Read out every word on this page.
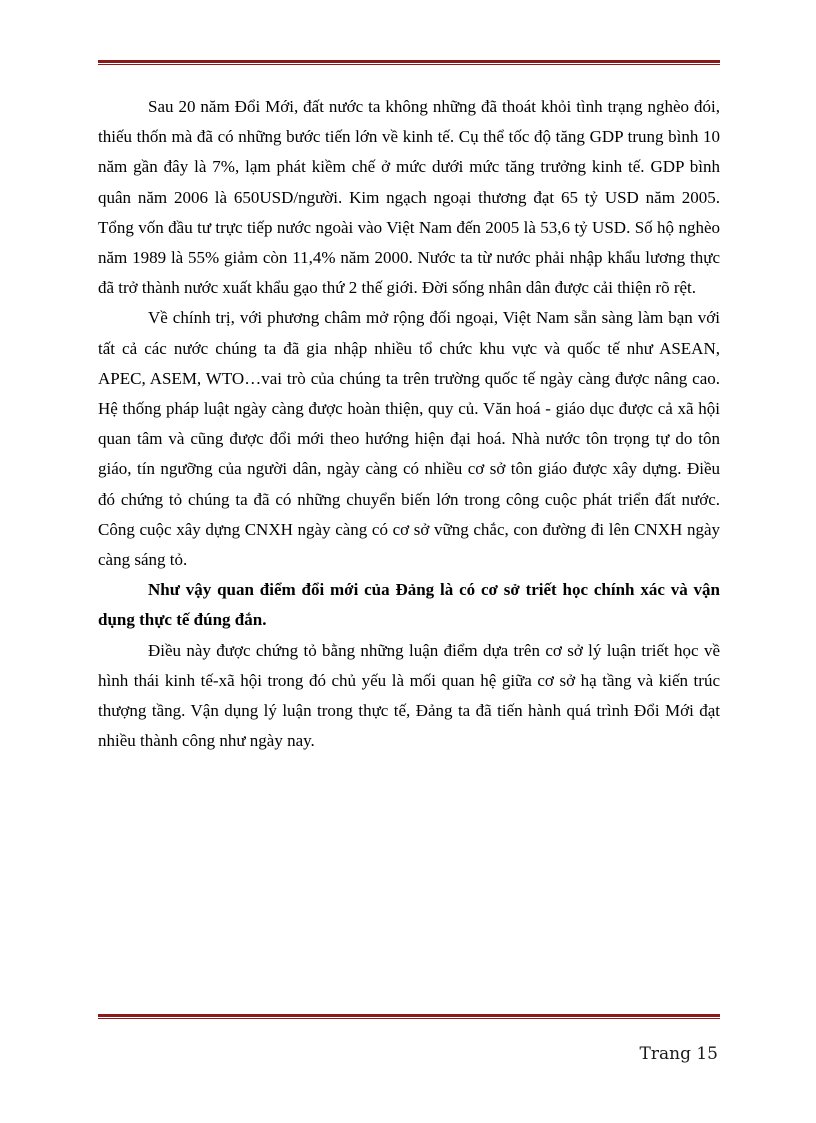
Sau 20 năm Đổi Mới, đất nước ta không những đã thoát khỏi tình trạng nghèo đói, thiếu thốn mà đã có những bước tiến lớn về kinh tế. Cụ thể tốc độ tăng GDP trung bình 10 năm gần đây là 7%, lạm phát kiềm chế ở mức dưới mức tăng trưởng kinh tế. GDP bình quân năm 2006 là 650USD/người. Kim ngạch ngoại thương đạt 65 tỷ USD năm 2005. Tổng vốn đầu tư trực tiếp nước ngoài vào Việt Nam đến 2005 là 53,6 tỷ USD. Số hộ nghèo năm 1989 là 55% giảm còn 11,4% năm 2000. Nước ta từ nước phải nhập khẩu lương thực đã trở thành nước xuất khẩu gạo thứ 2 thế giới. Đời sống nhân dân được cải thiện rõ rệt.

Về chính trị, với phương châm mở rộng đối ngoại, Việt Nam sẵn sàng làm bạn với tất cả các nước chúng ta đã gia nhập nhiều tổ chức khu vực và quốc tế như ASEAN, APEC, ASEM, WTO…vai trò của chúng ta trên trường quốc tế ngày càng được nâng cao. Hệ thống pháp luật ngày càng được hoàn thiện, quy củ. Văn hoá - giáo dục được cả xã hội quan tâm và cũng được đổi mới theo hướng hiện đại hoá. Nhà nước tôn trọng tự do tôn giáo, tín ngưỡng của người dân, ngày càng có nhiều cơ sở tôn giáo được xây dựng. Điều đó chứng tỏ chúng ta đã có những chuyển biến lớn trong công cuộc phát triển đất nước. Công cuộc xây dựng CNXH ngày càng có cơ sở vững chắc, con đường đi lên CNXH ngày càng sáng tỏ.

Như vậy quan điểm đổi mới của Đảng là có cơ sở triết học chính xác và vận dụng thực tế đúng đắn.

Điều này được chứng tỏ bằng những luận điểm dựa trên cơ sở lý luận triết học về hình thái kinh tế-xã hội trong đó chủ yếu là mối quan hệ giữa cơ sở hạ tầng và kiến trúc thượng tầng. Vận dụng lý luận trong thực tế, Đảng ta đã tiến hành quá trình Đổi Mới đạt nhiều thành công như ngày nay.

Trang 15
